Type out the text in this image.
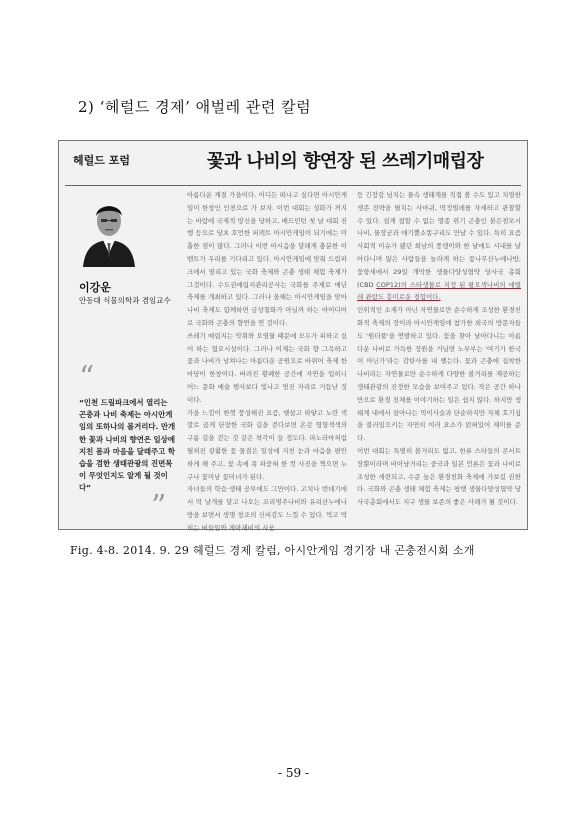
2) ‘헤럴드 경제’ 애벌레 관련 칼럼
헤럴드 포럼	꽃과 나비의 향연장 된 쓰레기매립장
이강운
안동대 식물의학과 겸임교수
“
“인천 드림파크에서 열리는 곤충과 나비 축제는 아시안게임의 또하나의 볼거리다. 만개한 꽃과 나비의 향연은 일상에 지친 몸과 마음을 달래주고 학습을 겸한 생태관광의 진면목이 무엇인지도 알게 될 것이다”
”

아름다운 계절 가을이다. 어디든 떠나고 싶다면 아시안게임이 한창인 인천으로 가 보자. 이번 대회는 성화가 꺼지는 바람에 국제적 망신을 당하고, 배드민턴 첫 날 대회 진행 등으로 당초 호언한 퍼펙트 아시안게임이 되기에는 미흡한 점이 많다. 그러나 이번 아시음을 달래게 충분한 이벤트가 우리를 기다리고 있다. 아시안게임에 맞춰 드림파크에서 열리고 있는 국화 축제와 곤충 생태 체험 축제가 그것이다. 수도권매립지관리공사는 국화를 주제로 매년 축제를 개최하고 있다. 그러나 올해는 아시안게임을 맞아 나비 축제도 함께하면 금상첨화가 아닐까 하는 아이디어로 국화와 곤충의 향연을 연 것이다.

쓰레기 매립지는 악취와 오염물 때문에 모두가 피하고 싶어 하는 혐오시설이다. 그러나 이제는 국화 향 그윽하고 꽃과 나비가 넘쳐나는 아름다운 공원으로 바뀌어 축제 한마당이 한창이다. 버려진 황폐한 공간에 자연을 입히니 어느 문화 예술 행사보다 빛나고 멋진 자리로 거듭난 것이다.

가을 느낌이 한껏 풍성해진 요즘, 햇살고 하얗고 노란 색깔로 곱게 단장한 국화 길을 걷다보면 온갖 형형색색의 구름 길을 걷는 것 같은 착각이 들 정도다. 파노라마처럼 펼쳐진 광활한 꽃 물결은 일상에 지친 눈과 마음을 편안하게 해 주고, 꽃 속에 푹 파묻혀 한 컷 사진을 찍으면 누구나 꽃미남 꽃미녀가 된다.

자녀들의 학습·생태 공부에도 그만이다. 고치나 번데기에서 막 날개를 달고 나오는 꼬리명주나비와 유리산누에나방을 보면서 생명 창조의 신비감도 느낄 수 있다. 먹고 먹히는 버들잎와 게아재비의 사움

등 긴장감 넘치는 물속 생태계를 직접 볼 수도 있고 치열한 생존 전략을 펼치는 사마귀, 딱정벌레를 자세하고 관찰할 수 있다. 쉽게 접할 수 없는 멸종 위기 곤충인 붉은점모시나비, 물장군과 애기뿔소똥구리도 만날 수 있다. 특히 요즘 사회적 이슈가 됐던 희남의 풍뎅이와 한 날에도 시내를 날아다니며 많은 사람들을 놀라게 하는 꽃나무산누에나방, 꽃항세에서 29일 개막한 생물다양성협약 당사국 총회(CBD COP12)의 스타생물로 지정 된 왕오색나비의 애벌레 관람도 흥미로운 경험이다.

인위적인 소재가 아닌 자연물로만 순수하게 조성한 환경친화적 축제의 장이라 아시안게임에 참가한 외국의 방문자들도 '원더풀'을 연발하고 있다. 꽃을 찾아 날아다니는 아름다운 나비로 가득한 정원을 거닐면 노부부는 '여기가 한국이 아닌가'라는 감탄사를 내 뱉는다. 꽃과 곤충에 집착한 나비라는 자연물로만 순수하게 다양한 볼거리를 제공하는 생태관광의 진정한 모습을 보여주고 있다. 작은 공간 하나만으로 환경 전체를 이야기하는 일은 쉽지 않다. 하지만 생태계 내에서 살아나는 먹이사슬과 단순하지만 자체 호기심을 불러일으키는 자연의 여러 요소가 얽혀있어 재미를 준다.

이번 대회는 특별히 볼거리도 없고, 한류 스타들의 콘서트장뿐이라며 비아냥거리는 중국과 일본 언론은 꽃과 나비로 조성한 세련되고, 수준 높은 환경친화 축제에 가보길 권한다. 국화와 곤충 생태 체험 축제는 평행 생물다양성협약 당사국총회에서도 지구 생물 보존의 좋은 사례가 될 것이다.

Fig. 4-8. 2014. 9. 29 헤럴드 경제 칼럼, 아시안게임 경기장 내 곤충전시회 소개
- 59 -
